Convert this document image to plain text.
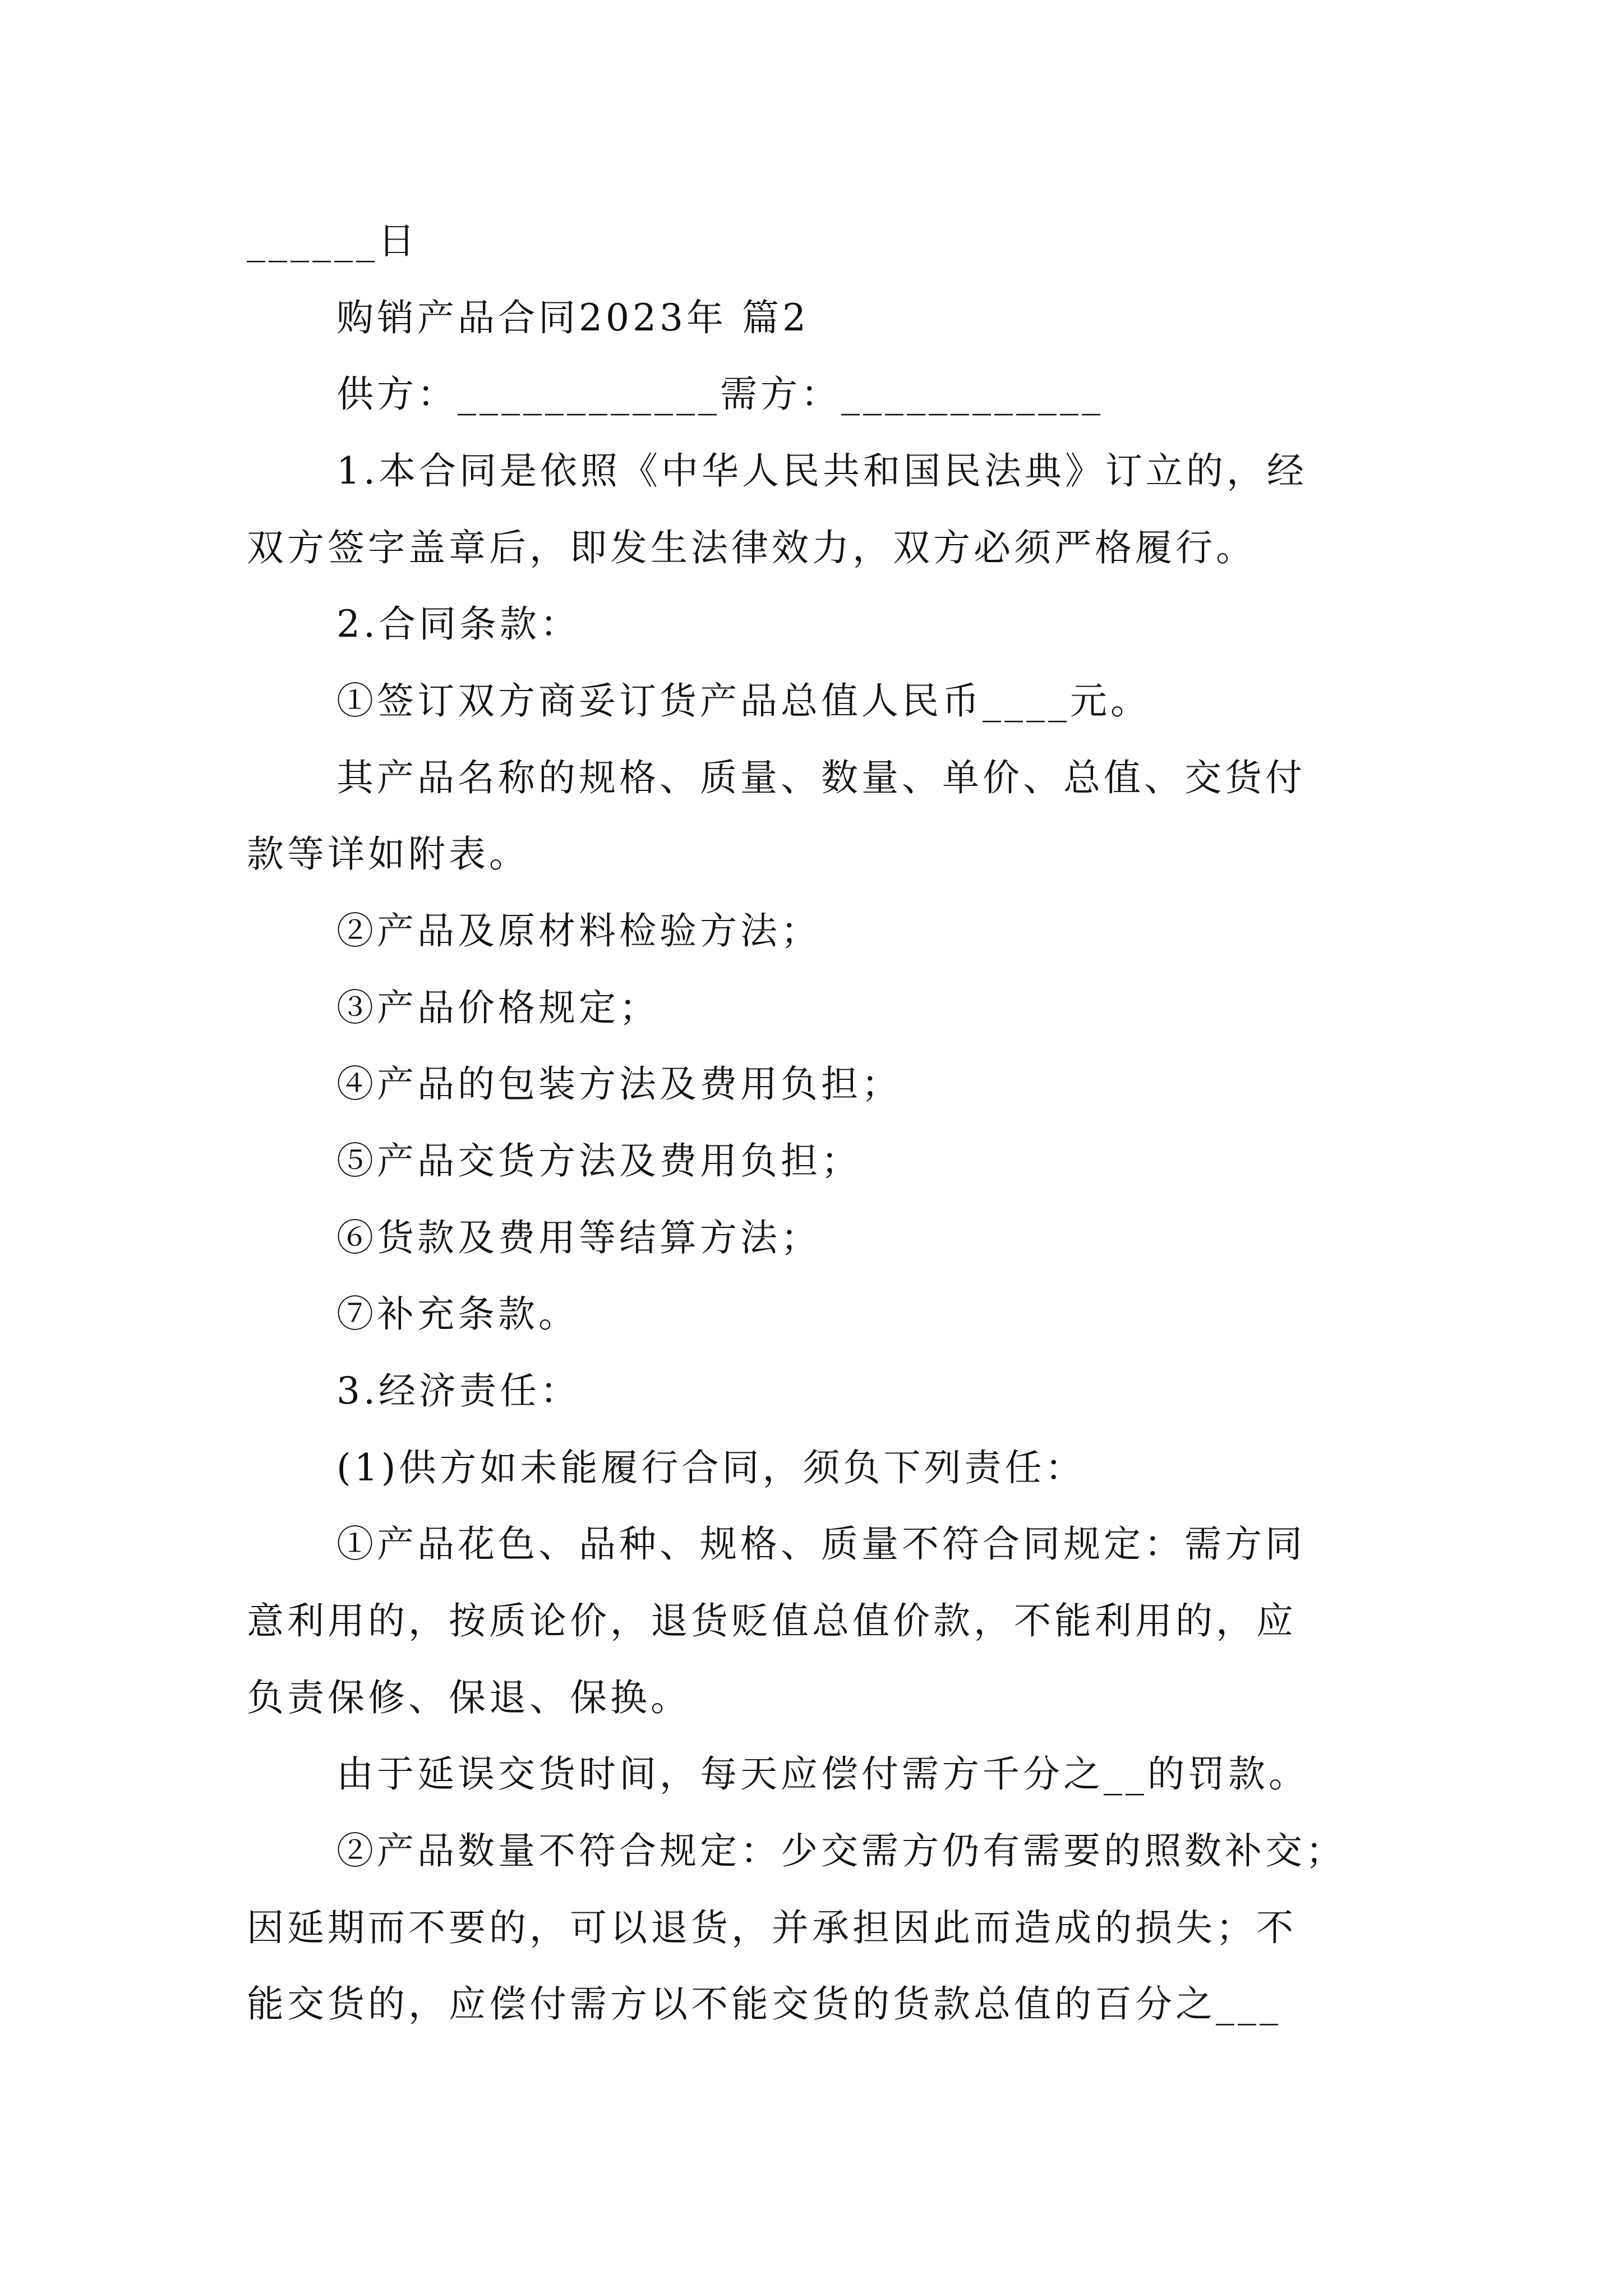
______日
购销产品合同2023年 篇2
供方：____________需方：____________
1.本合同是依照《中华人民共和国民法典》订立的，经
双方签字盖章后，即发生法律效力，双方必须严格履行。
2.合同条款：
①签订双方商妥订货产品总值人民币____元。
其产品名称的规格、质量、数量、单价、总值、交货付
款等详如附表。
②产品及原材料检验方法；
③产品价格规定；
④产品的包装方法及费用负担；
⑤产品交货方法及费用负担；
⑥货款及费用等结算方法；
⑦补充条款。
3.经济责任：
(1)供方如未能履行合同，须负下列责任：
①产品花色、品种、规格、质量不符合同规定：需方同
意利用的，按质论价，退货贬值总值价款，不能利用的，应
负责保修、保退、保换。
由于延误交货时间，每天应偿付需方千分之__的罚款。
②产品数量不符合规定：少交需方仍有需要的照数补交；
因延期而不要的，可以退货，并承担因此而造成的损失；不
能交货的，应偿付需方以不能交货的货款总值的百分之___
